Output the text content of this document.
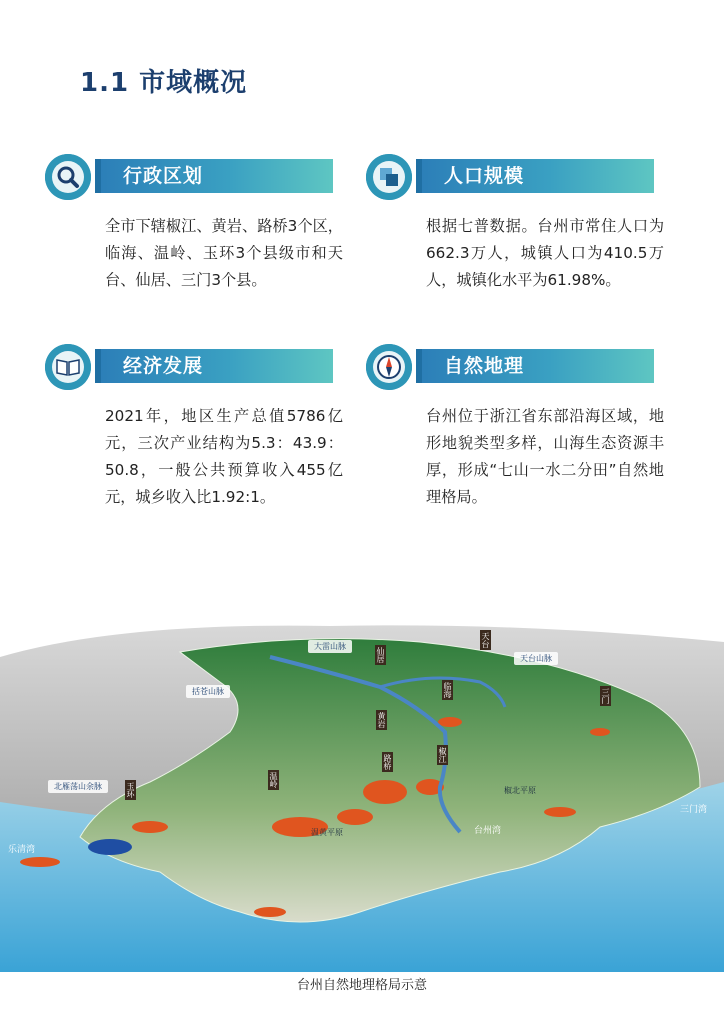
1.1 市域概况
行政区划
全市下辖椒江、黄岩、路桥3个区，临海、温岭、玉环3个县级市和天台、仙居、三门3个县。
人口规模
根据七普数据。台州市常住人口为662.3万人，城镇人口为410.5万人，城镇化水平为61.98%。
经济发展
2021年，地区生产总值5786亿元，三次产业结构为5.3：43.9：50.8，一般公共预算收入455亿元，城乡收入比1.92:1。
自然地理
台州位于浙江省东部沿海区域，地形地貌类型多样，山海生态资源丰厚，形成“七山一水二分田”自然地理格局。
大雷山脉
天台山脉
括苍山脉
北雁荡山余脉
天台
仙居
三门
临海
黄岩
椒江
路桥
温岭
玉环	椒北平原
温黄平原
三门湾
台州湾
乐清湾
台州自然地理格局示意
